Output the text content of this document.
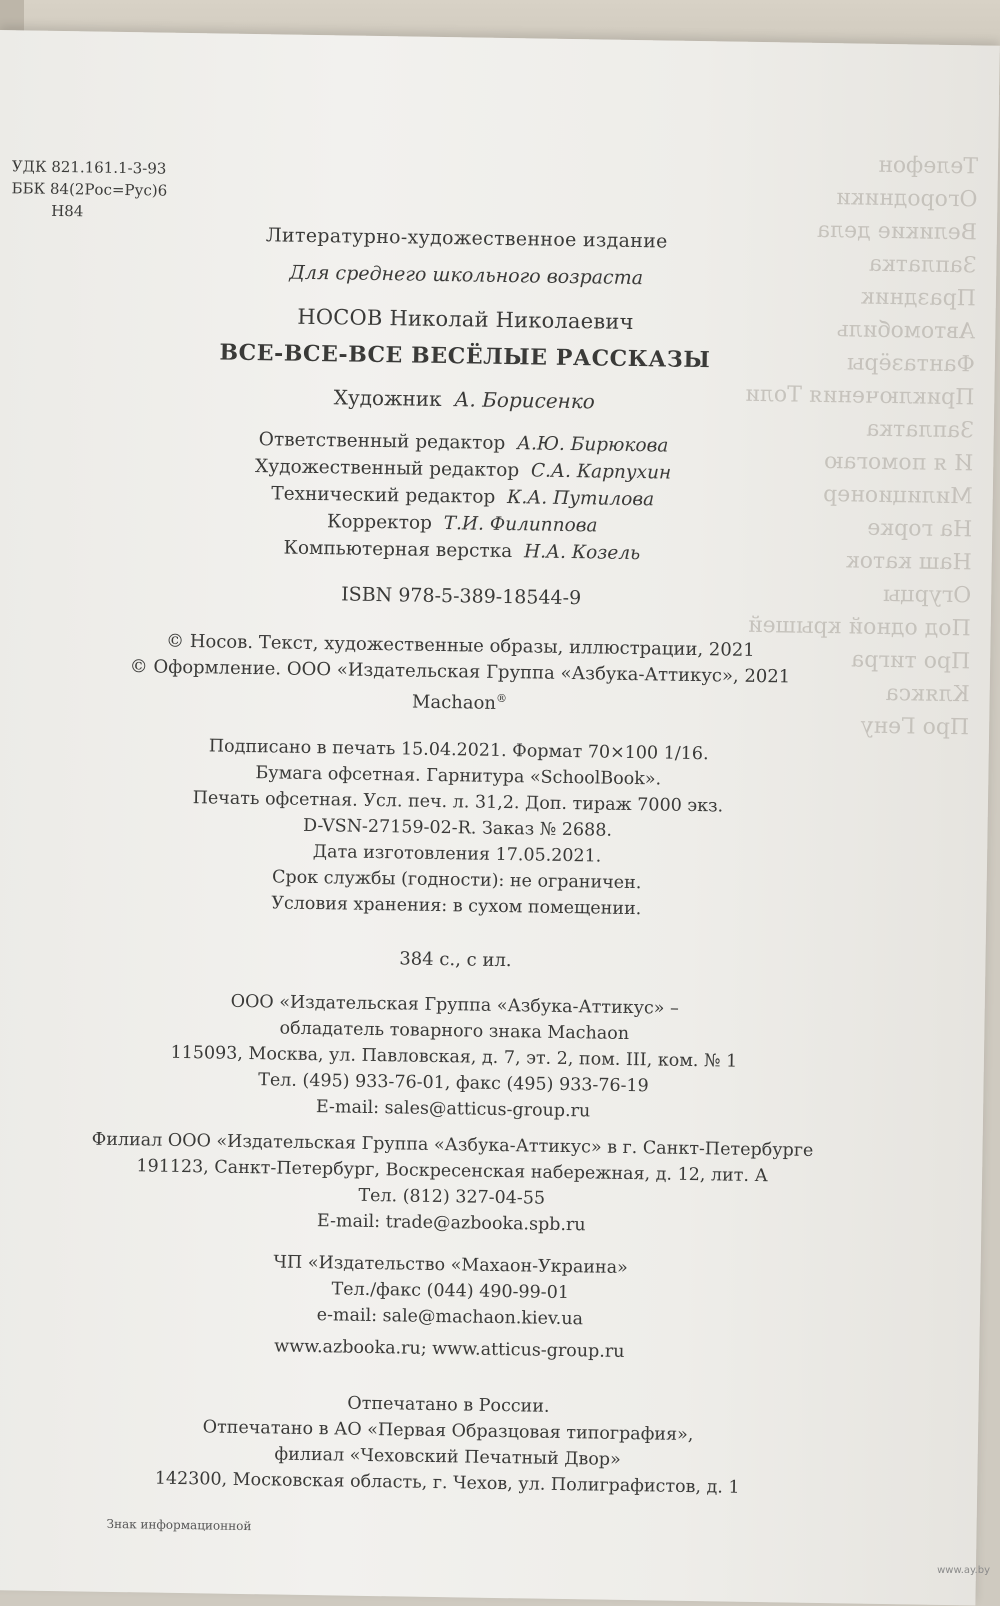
Телефон
Огородники
Великие дела
Заплатка
Праздник
Автомобиль
Фантазёры
Приключения Толи
Заплатка
И я помогаю
Милиционер
На горке
Наш каток
Огурцы
Под одной крышей
Про тигра
Кляксa
Про Гену
УДК 821.161.1-3-93
ББК 84(2Рос=Рус)6
Н84
Литературно-художественное издание
Для среднего школьного возраста
НОСОВ Николай Николаевич
ВСЕ-ВСЕ-ВСЕ ВЕСЁЛЫЕ РАССКАЗЫ
Художник А. Борисенко
Ответственный редактор А.Ю. Бирюкова
Художественный редактор С.А. Карпухин
Технический редактор К.А. Путилова
Корректор Т.И. Филиппова
Компьютерная верстка Н.А. Козель
ISBN 978-5-389-18544-9
© Носов. Текст, художественные образы, иллюстрации, 2021
© Оформление. ООО «Издательская Группа «Азбука-Аттикус», 2021
Machaon®
Подписано в печать 15.04.2021. Формат 70×100 1/16.
Бумага офсетная. Гарнитура «SchoolBook».
Печать офсетная. Усл. печ. л. 31,2. Доп. тираж 7000 экз.
D-VSN-27159-02-R. Заказ № 2688.
Дата изготовления 17.05.2021.
Срок службы (годности): не ограничен.
Условия хранения: в сухом помещении.
384 с., с ил.
ООО «Издательская Группа «Азбука-Аттикус» –
обладатель товарного знака Machaon
115093, Москва, ул. Павловская, д. 7, эт. 2, пом. III, ком. № 1
Тел. (495) 933-76-01, факс (495) 933-76-19
E-mail: sales@atticus-group.ru
Филиал ООО «Издательская Группа «Азбука-Аттикус» в г. Санкт-Петербурге
191123, Санкт-Петербург, Воскресенская набережная, д. 12, лит. А
Тел. (812) 327-04-55
E-mail: trade@azbooka.spb.ru
ЧП «Издательство «Махаон-Украина»
Тел./факс (044) 490-99-01
e-mail: sale@machaon.kiev.ua
www.azbooka.ru; www.atticus-group.ru
Отпечатано в России.
Отпечатано в АО «Первая Образцовая типография»,
филиал «Чеховский Печатный Двор»
142300, Московская область, г. Чехов, ул. Полиграфистов, д. 1
Знак информационной
www.ay.by
